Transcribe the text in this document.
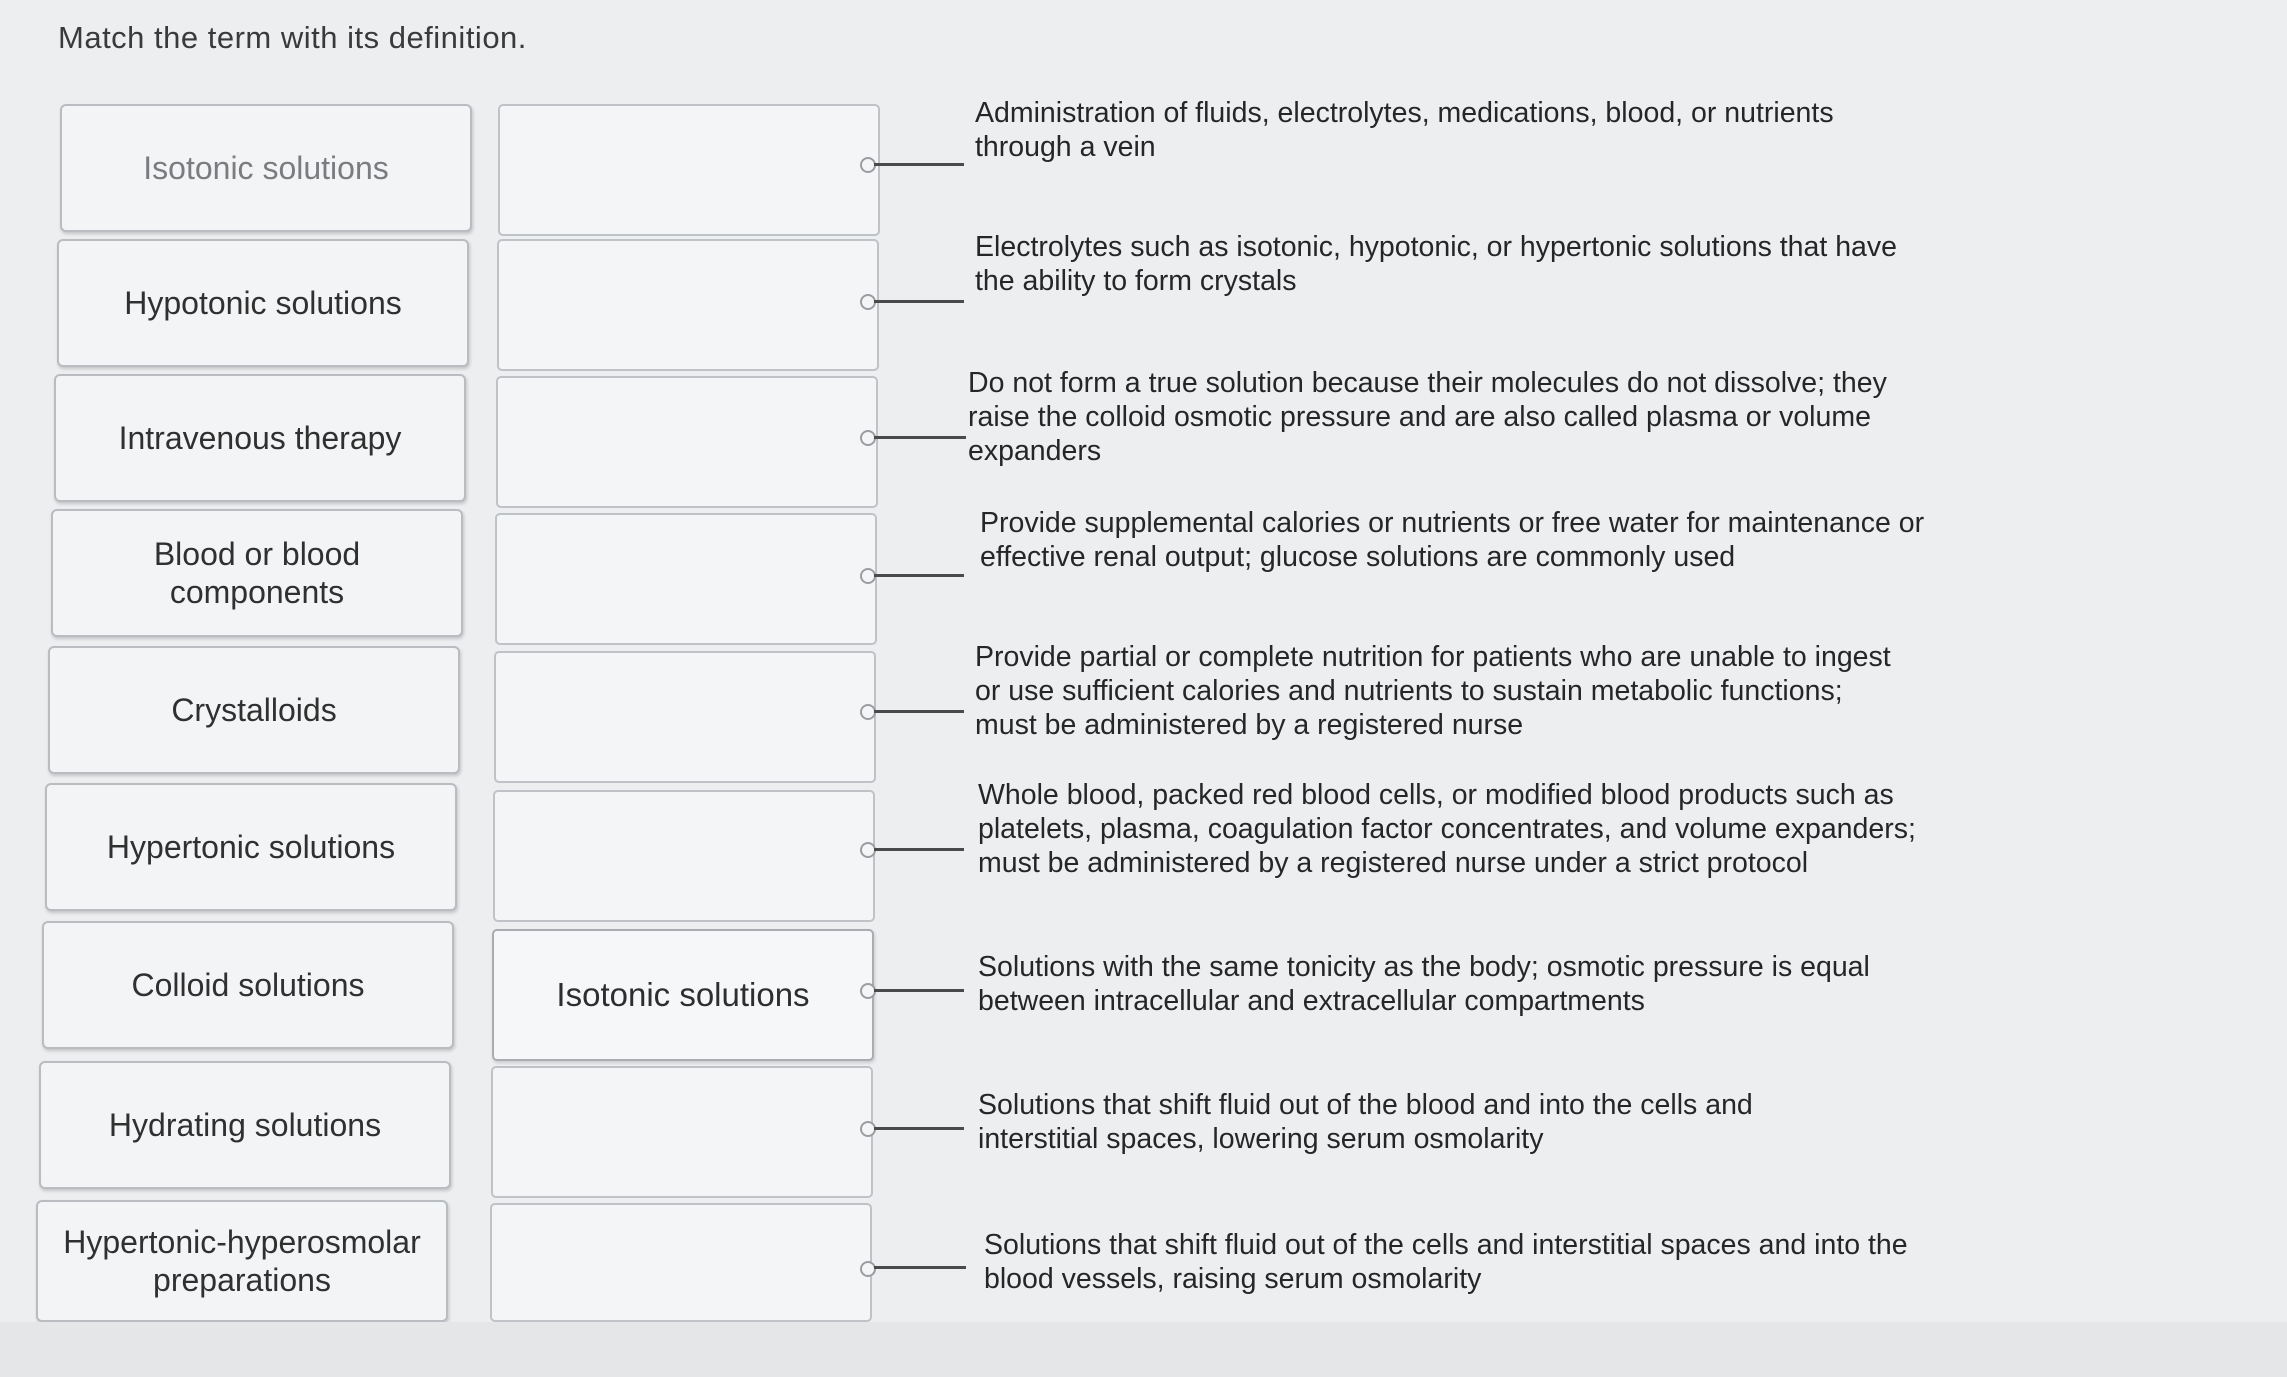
Match the term with its definition.
Isotonic solutions
Hypotonic solutions
Intravenous therapy
Blood or blood components
Crystalloids
Hypertonic solutions
Colloid solutions
Hydrating solutions
Hypertonic-hyperosmolar preparations
Isotonic solutions
Administration of fluids, electrolytes, medications, blood, or nutrients through a vein
Electrolytes such as isotonic, hypotonic, or hypertonic solutions that have the ability to form crystals
Do not form a true solution because their molecules do not dissolve; they raise the colloid osmotic pressure and are also called plasma or volume expanders
Provide supplemental calories or nutrients or free water for maintenance or effective renal output; glucose solutions are commonly used
Provide partial or complete nutrition for patients who are unable to ingest or use sufficient calories and nutrients to sustain metabolic functions; must be administered by a registered nurse
Whole blood, packed red blood cells, or modified blood products such as platelets, plasma, coagulation factor concentrates, and volume expanders; must be administered by a registered nurse under a strict protocol
Solutions with the same tonicity as the body; osmotic pressure is equal between intracellular and extracellular compartments
Solutions that shift fluid out of the blood and into the cells and interstitial spaces, lowering serum osmolarity
Solutions that shift fluid out of the cells and interstitial spaces and into the blood vessels, raising serum osmolarity
